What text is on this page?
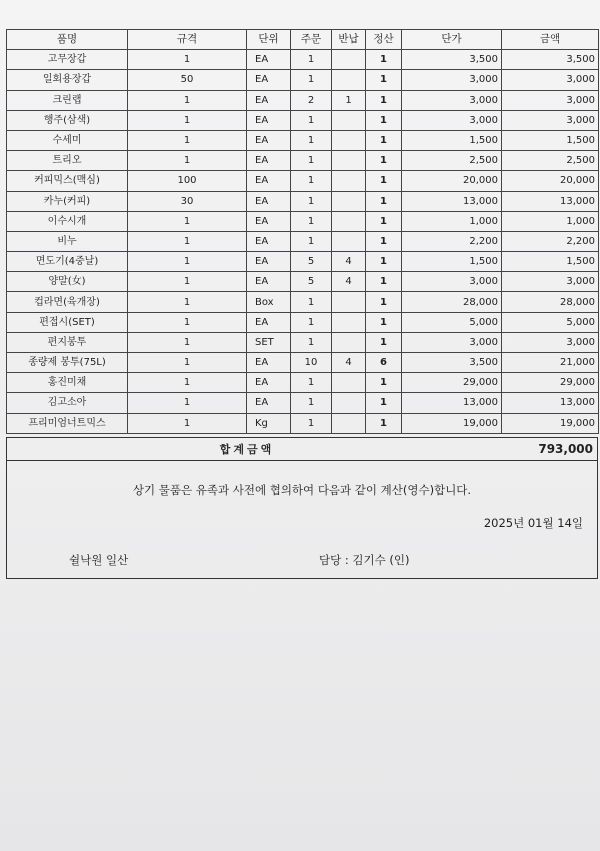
품명	규격	단위	주문	반납	정산	단가	금액
고무장갑	1	EA	1		1	3,500	3,500
일회용장갑	50	EA	1		1	3,000	3,000
크린랩	1	EA	2	1	1	3,000	3,000
행주(삼색)	1	EA	1		1	3,000	3,000
수세미	1	EA	1		1	1,500	1,500
트리오	1	EA	1		1	2,500	2,500
커피믹스(맥심)	100	EA	1		1	20,000	20,000
카누(커피)	30	EA	1		1	13,000	13,000
이수시개	1	EA	1		1	1,000	1,000
비누	1	EA	1		1	2,200	2,200
면도기(4중날)	1	EA	5	4	1	1,500	1,500
양말(女)	1	EA	5	4	1	3,000	3,000
컵라면(육개장)	1	Box	1		1	28,000	28,000
편접시(SET)	1	EA	1		1	5,000	5,000
편지봉투	1	SET	1		1	3,000	3,000
종량제 봉투(75L)	1	EA	10	4	6	3,500	21,000
홍진미채	1	EA	1		1	29,000	29,000
김고소아	1	EA	1		1	13,000	13,000
프리미엄너트믹스	1	Kg	1		1	19,000	19,000
합계금액	793,000
상기 물품은 유족과 사전에 협의하여 다음과 같이 계산(영수)합니다.
2025년 01월 14일
쉴낙원 일산	담당 : 김기수 (인)
